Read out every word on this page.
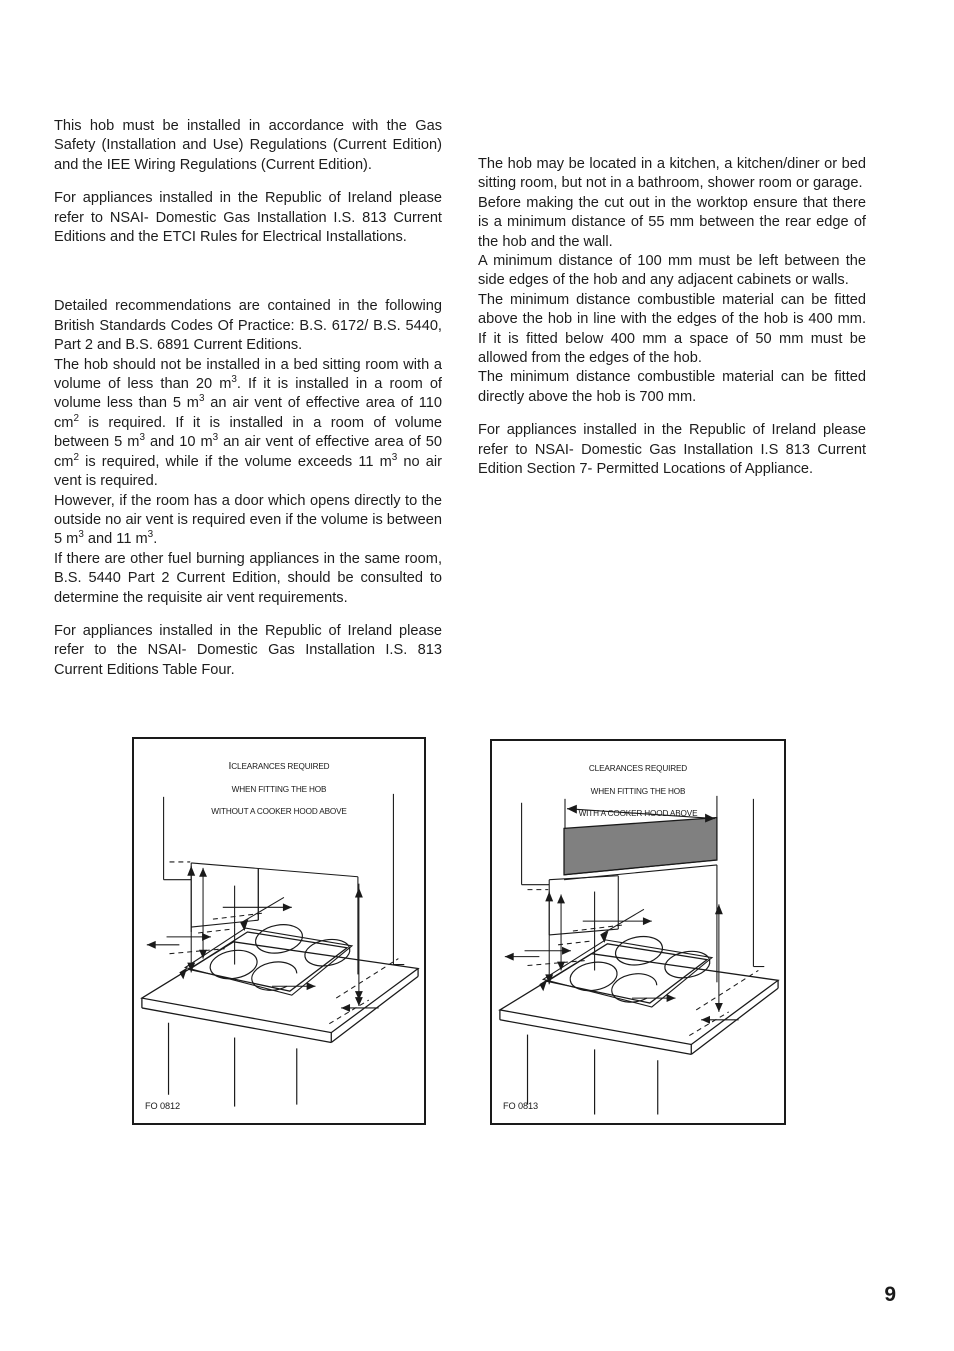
This hob must be installed in accordance with the Gas Safety (Installation and Use) Regulations (Current Edition) and the IEE Wiring Regulations (Current Edition).

For appliances installed in the Republic of Ireland please refer to NSAI- Domestic Gas Installation I.S. 813 Current Editions and the ETCI Rules for Electrical Installations.

Detailed recommendations are contained in the following British Standards Codes Of Practice: B.S. 6172/ B.S. 5440, Part 2 and B.S. 6891 Current Editions.

The hob should not be installed in a bed sitting room with a volume of less than 20 $m^3$. If it is installed in a room of volume less than 5 $m^3$ an air vent of effective area of 110 $cm^2$ is required. If it is installed in a room of volume between 5 $m^3$ and 10 $m^3$ an air vent of effective area of 50 $cm^2$ is required, while if the volume exceeds 11 $m^3$ no air vent is required.

However, if the room has a door which opens directly to the outside no air vent is required even if the volume is between 5 $m^3$ and 11 $m^3$.

If there are other fuel burning appliances in the same room, B.S. 5440 Part 2 Current Edition, should be consulted to determine the requisite air vent requirements.

For appliances installed in the Republic of Ireland please refer to the NSAI- Domestic Gas Installation I.S. 813 Current Editions Table Four.

The hob may be located in a kitchen, a kitchen/diner or bed sitting room, but not in a bathroom, shower room or garage.

Before making the cut out in the worktop ensure that there is a minimum distance of 55 mm between the rear edge of the hob and the wall.

A minimum distance of 100 mm must be left between the side edges of the hob and any adjacent cabinets or walls.

The minimum distance combustible material can be fitted above the hob in line with the edges of the hob is 400 mm. If it is fitted below 400 mm a space of 50 mm must be allowed from the edges of the hob.

The minimum distance combustible material can be fitted directly above the hob is 700 mm.

For appliances installed in the Republic of Ireland please refer to NSAI- Domestic Gas Installation I.S 813 Current Edition Section 7- Permitted Locations of Appliance.

ICLEARANCES REQUIRED

WHEN FITTING THE HOB

WITHOUT A COOKER HOOD ABOVE

FO 0812

CLEARANCES REQUIRED

WHEN FITTING THE HOB

WITH A COOKER HOOD ABOVE

FO 0813
9
